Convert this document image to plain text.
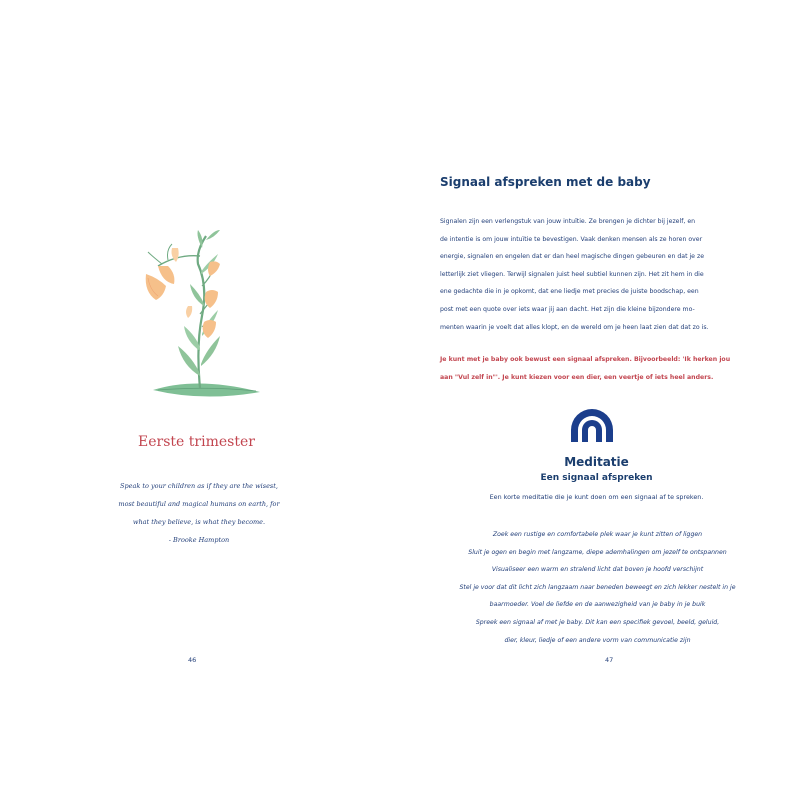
Eerste trimester

Speak to your children as if they are the wisest,

most beautiful and magical humans on earth, for

what they believe, is what they become.

- Brooke Hampton

46
Signaal afspreken met de baby
Signalen zijn een verlengstuk van jouw intuïtie. Ze brengen je dichter bij jezelf, en
de intentie is om jouw intuïtie te bevestigen. Vaak denken mensen als ze horen over
energie, signalen en engelen dat er dan heel magische dingen gebeuren en dat je ze
letterlijk ziet vliegen. Terwijl signalen juist heel subtiel kunnen zijn. Het zit hem in die
ene gedachte die in je opkomt, dat ene liedje met precies de juiste boodschap, een
post met een quote over iets waar jij aan dacht. Het zijn die kleine bijzondere mo-
menten waarin je voelt dat alles klopt, en de wereld om je heen laat zien dat dat zo is.
Je kunt met je baby ook bewust een signaal afspreken. Bijvoorbeeld: 'Ik herken jou
aan "Vul zelf in"'. Je kunt kiezen voor een dier, een veertje of iets heel anders.
Meditatie
Een signaal afspreken

Een korte meditatie die je kunt doen om een signaal af te spreken.

Zoek een rustige en comfortabele plek waar je kunt zitten of liggen
Sluit je ogen en begin met langzame, diepe ademhalingen om jezelf te ontspannen
Visualiseer een warm en stralend licht dat boven je hoofd verschijnt
Stel je voor dat dit licht zich langzaam naar beneden beweegt en zich lekker nestelt in je
baarmoeder. Voel de liefde en de aanwezigheid van je baby in je buik
Spreek een signaal af met je baby. Dit kan een specifiek gevoel, beeld, geluid,
dier, kleur, liedje of een andere vorm van communicatie zijn
47
